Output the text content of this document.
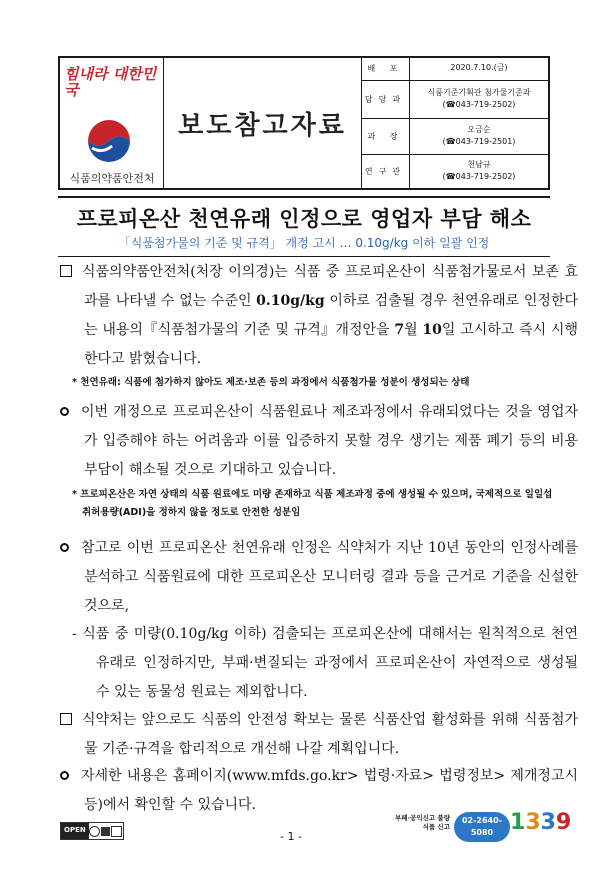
힘내라 대한민국
식품의약품안전처
보도참고자료
배 포	2020.7.10.(금)
담당과
식품기준기획관 첨가물기준과
(☎043-719-2502)
과 장
오금순
(☎043-719-2501)
연구관
천남규
(☎043-719-2502)
프로피온산 천연유래 인정으로 영업자 부담 해소
「식품첨가물의 기준 및 규격」 개정 고시 … 0.10g/kg 이하 일괄 인정
식품의약품안전처(처장 이의경)는 식품 중 프로피온산이 식품첨가물로서 보존 효과를 나타낼 수 없는 수준인 0.10g/kg 이하로 검출될 경우 천연유래로 인정한다는 내용의『식품첨가물의 기준 및 규격』개정안을 7월 10일 고시하고 즉시 시행한다고 밝혔습니다.
* 천연유래: 식품에 첨가하지 않아도 제조·보존 등의 과정에서 식품첨가물 성분이 생성되는 상태
이번 개정으로 프로피온산이 식품원료나 제조과정에서 유래되었다는 것을 영업자가 입증해야 하는 어려움과 이를 입증하지 못할 경우 생기는 제품 폐기 등의 비용 부담이 해소될 것으로 기대하고 있습니다.
* 프로피온산은 자연 상태의 식품 원료에도 미량 존재하고 식품 제조과정 중에 생성될 수 있으며, 국제적으로 일일섭취허용량(ADI)을 정하지 않을 정도로 안전한 성분임
참고로 이번 프로피온산 천연유래 인정은 식약처가 지난 10년 동안의 인정사례를 분석하고 식품원료에 대한 프로피온산 모니터링 결과 등을 근거로 기준을 신설한 것으로,
- 식품 중 미량(0.10g/kg 이하) 검출되는 프로피온산에 대해서는 원칙적으로 천연유래로 인정하지만, 부패·변질되는 과정에서 프로피온산이 자연적으로 생성될 수 있는 동물성 원료는 제외합니다.
식약처는 앞으로도 식품의 안전성 확보는 물론 식품산업 활성화를 위해 식품첨가물 기준·규격을 합리적으로 개선해 나갈 계획입니다.
자세한 내용은 홈페이지(www.mfds.go.kr> 법령·자료> 법령정보> 제개정고시등)에서 확인할 수 있습니다.
OPEN	- 1 -
부패·공익신고 불량식품 신고
02-2640-5080 1339
